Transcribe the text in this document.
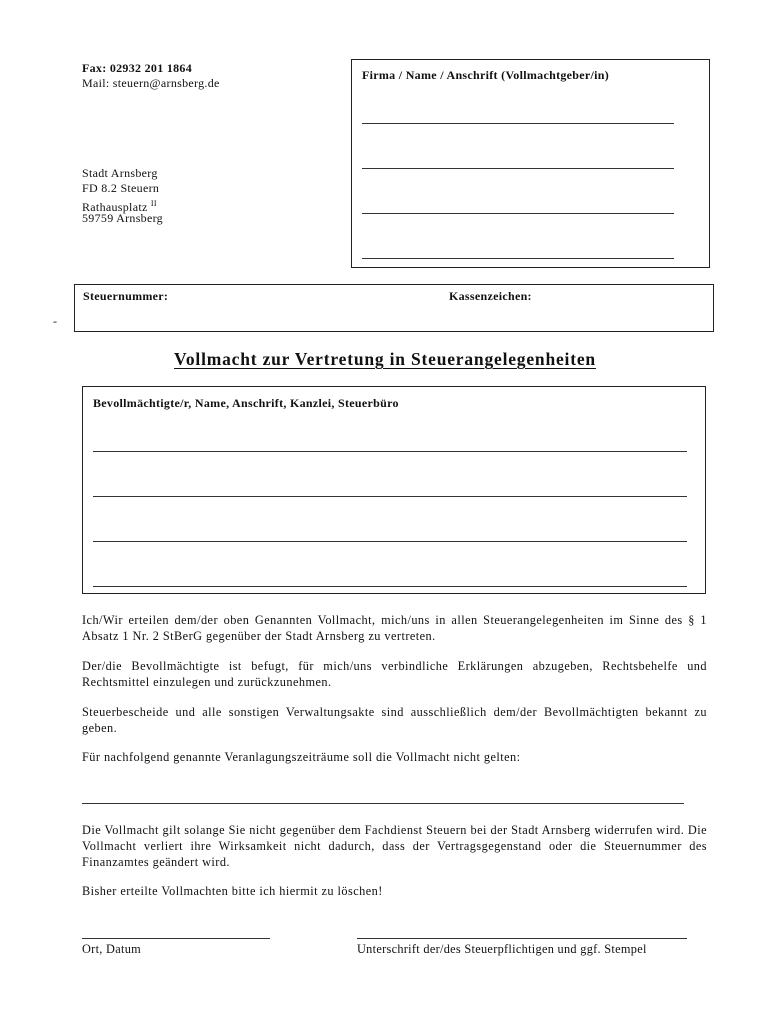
Fax: 02932 201 1864
Mail: steuern@arnsberg.de
Stadt Arnsberg
FD 8.2 Steuern
Rathausplatz $^{II}$
59759 Arnsberg
Firma / Name / Anschrift (Vollmachtgeber/in)
Steuernummer:	Kassenzeichen:
-
Vollmacht zur Vertretung in Steuerangelegenheiten
Bevollmächtigte/r, Name, Anschrift, Kanzlei, Steuerbüro
Ich/Wir erteilen dem/der oben Genannten Vollmacht, mich/uns in allen Steuerangelegenheiten im Sinne des § 1 Absatz 1 Nr. 2 StBerG gegenüber der Stadt Arnsberg zu vertreten.
Der/die Bevollmächtigte ist befugt, für mich/uns verbindliche Erklärungen abzugeben, Rechtsbehelfe und Rechtsmittel einzulegen und zurückzunehmen.
Steuerbescheide und alle sonstigen Verwaltungsakte sind ausschließlich dem/der Bevollmächtigten bekannt zu geben.
Für nachfolgend genannte Veranlagungszeiträume soll die Vollmacht nicht gelten:
Die Vollmacht gilt solange Sie nicht gegenüber dem Fachdienst Steuern bei der Stadt Arnsberg widerrufen wird. Die Vollmacht verliert ihre Wirksamkeit nicht dadurch, dass der Vertragsgegenstand oder die Steuernummer des Finanzamtes geändert wird.
Bisher erteilte Vollmachten bitte ich hiermit zu löschen!
Ort, Datum	Unterschrift der/des Steuerpflichtigen und ggf. Stempel
